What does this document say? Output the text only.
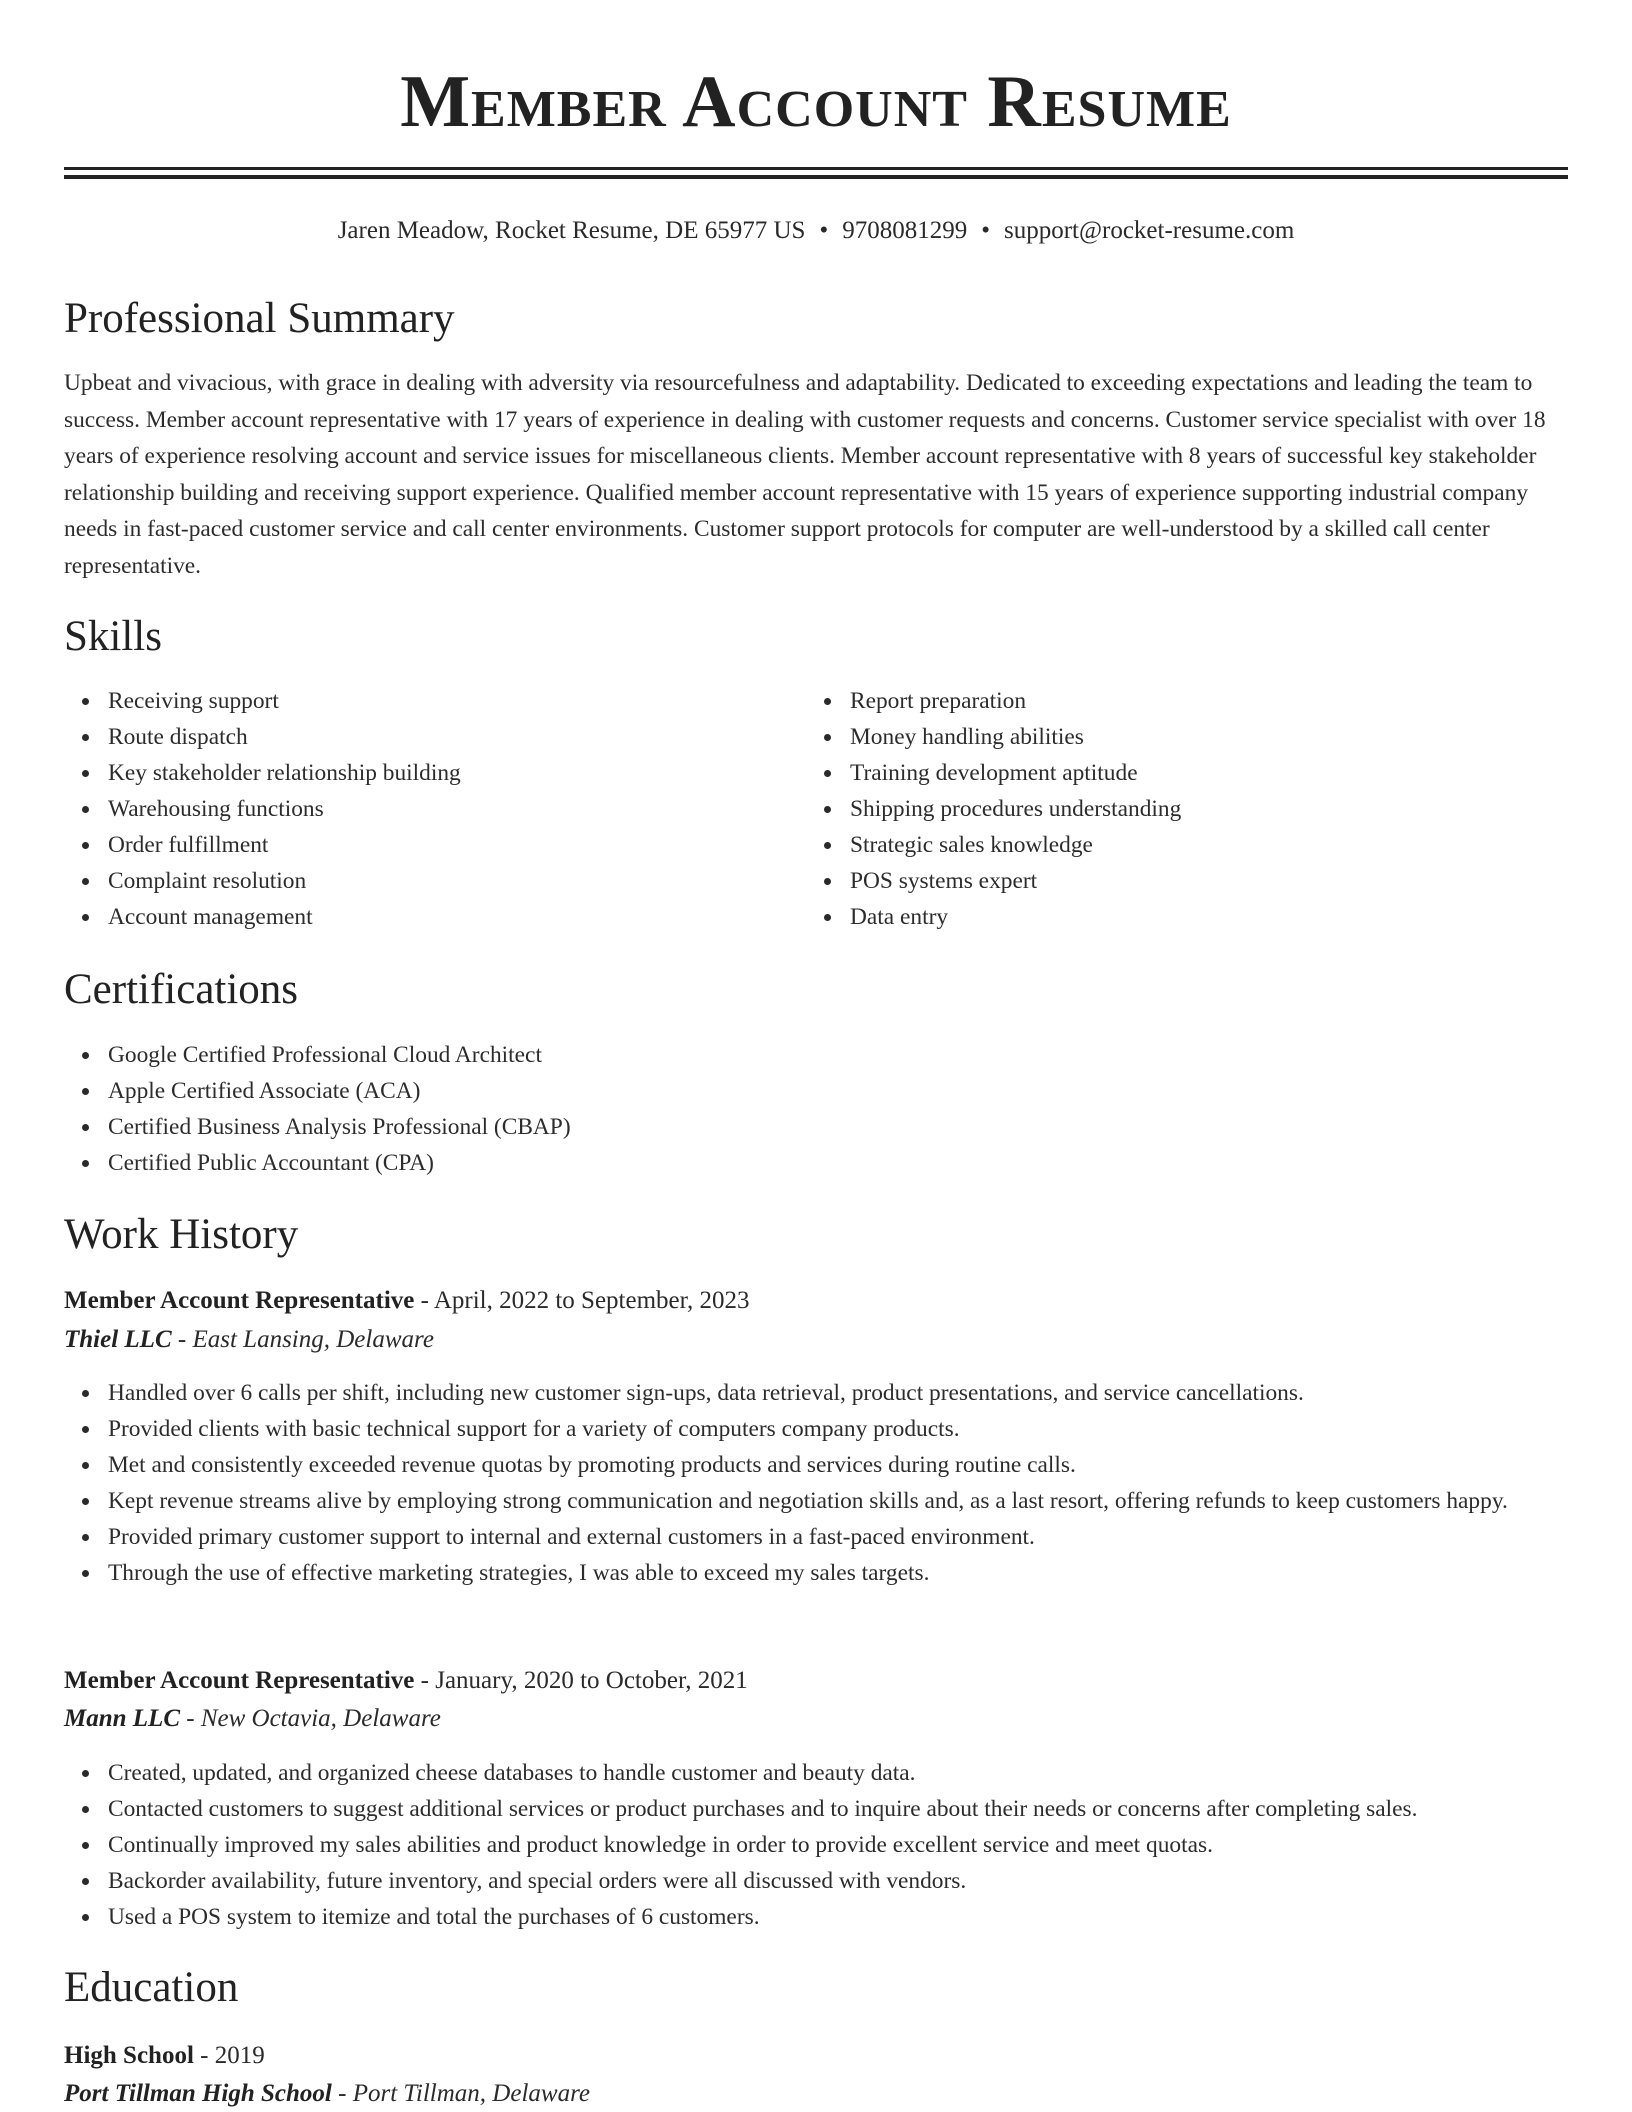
Member Account Resume
Jaren Meadow, Rocket Resume, DE 65977 US • 9708081299 • support@rocket-resume.com
Professional Summary

Upbeat and vivacious, with grace in dealing with adversity via resourcefulness and adaptability. Dedicated to exceeding expectations and leading the team to success. Member account representative with 17 years of experience in dealing with customer requests and concerns. Customer service specialist with over 18 years of experience resolving account and service issues for miscellaneous clients. Member account representative with 8 years of successful key stakeholder relationship building and receiving support experience. Qualified member account representative with 15 years of experience supporting industrial company needs in fast-paced customer service and call center environments. Customer support protocols for computer are well-understood by a skilled call center representative.

Skills
Receiving support
Route dispatch
Key stakeholder relationship building
Warehousing functions
Order fulfillment
Complaint resolution
Account management
Report preparation
Money handling abilities
Training development aptitude
Shipping procedures understanding
Strategic sales knowledge
POS systems expert
Data entry
Certifications
Google Certified Professional Cloud Architect
Apple Certified Associate (ACA)
Certified Business Analysis Professional (CBAP)
Certified Public Accountant (CPA)
Work History
Member Account Representative - April, 2022 to September, 2023
Thiel LLC - East Lansing, Delaware
Handled over 6 calls per shift, including new customer sign-ups, data retrieval, product presentations, and service cancellations.
Provided clients with basic technical support for a variety of computers company products.
Met and consistently exceeded revenue quotas by promoting products and services during routine calls.
Kept revenue streams alive by employing strong communication and negotiation skills and, as a last resort, offering refunds to keep customers happy.
Provided primary customer support to internal and external customers in a fast-paced environment.
Through the use of effective marketing strategies, I was able to exceed my sales targets.
Member Account Representative - January, 2020 to October, 2021
Mann LLC - New Octavia, Delaware
Created, updated, and organized cheese databases to handle customer and beauty data.
Contacted customers to suggest additional services or product purchases and to inquire about their needs or concerns after completing sales.
Continually improved my sales abilities and product knowledge in order to provide excellent service and meet quotas.
Backorder availability, future inventory, and special orders were all discussed with vendors.
Used a POS system to itemize and total the purchases of 6 customers.
Education
High School - 2019
Port Tillman High School - Port Tillman, Delaware
